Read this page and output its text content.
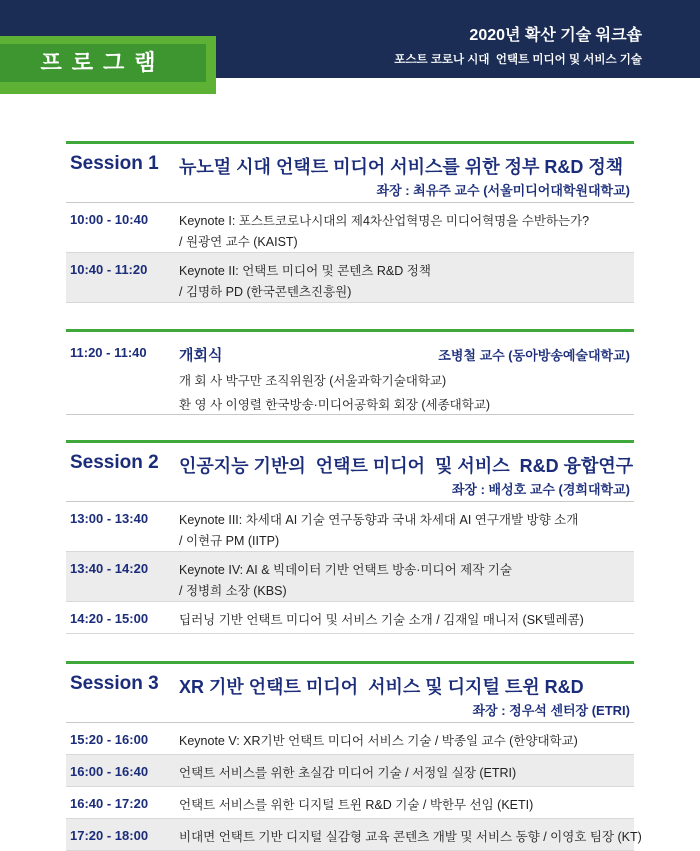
2020년 확산 기술 워크숍
포스트 코로나 시대  언택트 미디어 및 서비스 기술
프로그램
Session 1 뉴노멀 시대 언택트 미디어 서비스를 위한 정부 R&D 정책
좌장 : 최유주 교수 (서울미디어대학원대학교)
10:00 - 10:40 Keynote I: 포스트코로나시대의 제4차산업혁명은 미디어혁명을 수반하는가?
/ 원광연 교수 (KAIST)
10:40 - 11:20	Keynote II: 언택트 미디어 및 콘텐츠 R&D 정책
/ 김명하 PD (한국콘텐츠진흥원)
11:20 - 11:40 개회식	조병철 교수 (동아방송예술대학교)
개 회 사 박구만 조직위원장 (서울과학기술대학교)
환 영 사 이영렬 한국방송·미디어공학회 회장 (세종대학교)
Session 2 인공지능 기반의  언택트 미디어  및 서비스  R&D 융합연구
좌장 : 배성호 교수 (경희대학교)
13:00 - 13:40 Keynote III: 차세대 AI 기술 연구동향과 국내 차세대 AI 연구개발 방향 소개
/ 이현규 PM (IITP)
13:40 - 14:20 Keynote IV: AI & 빅데이터 기반 언택트 방송·미디어 제작 기술
/ 정병희 소장 (KBS)
14:20 - 15:00 딥러닝 기반 언택트 미디어 및 서비스 기술 소개 / 김재일 매니저 (SK텔레콤)
Session 3 XR 기반 언택트 미디어  서비스 및 디지털 트윈 R&D
좌장 : 정우석 센터장 (ETRI)
15:20 - 16:00 Keynote V: XR기반 언택트 미디어 서비스 기술 / 박종일 교수 (한양대학교)
16:00 - 16:40 언택트 서비스를 위한 초실감 미디어 기술 / 서정일 실장 (ETRI)
16:40 - 17:20 언택트 서비스를 위한 디지털 트윈 R&D 기술 / 박한무 선임 (KETI)
17:20 - 18:00 비대면 언택트 기반 디지털 실감형 교육 콘텐츠 개발 및 서비스 동향 / 이영호 팀장 (KT)
